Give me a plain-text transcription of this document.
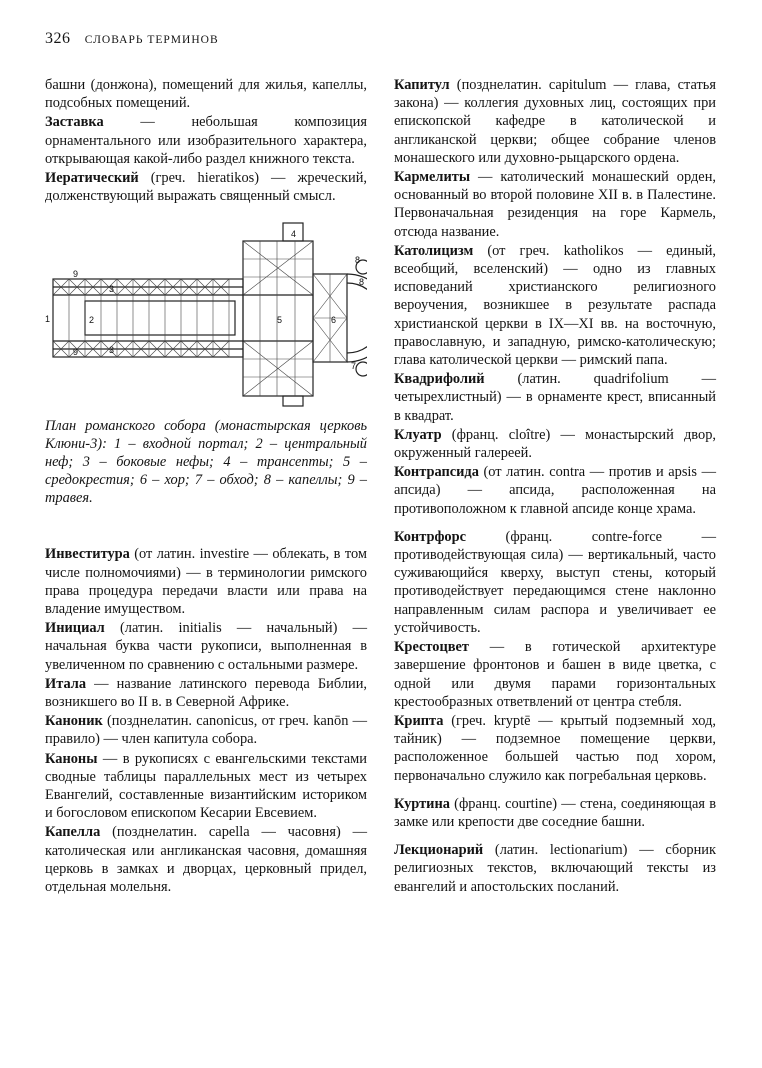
326 СЛОВАРЬ ТЕРМИНОВ
башни (донжона), помещений для жилья, капеллы, подсобных помещений.
Заставка — небольшая композиция орнаментального или изобразительного характера, открывающая какой-либо раздел книжного текста.
Иератический (греч. hieratikos) — жреческий, долженствующий выражать священный смысл.
1	2
3
3
9
9
4
5	6
7
8
8
План романского собора (монастырская церковь Клюни-3): 1 – входной портал; 2 – центральный неф; 3 – боковые нефы; 4 – трансепты; 5 – средокрестия; 6 – хор; 7 – обход; 8 – капеллы; 9 – травея.
Инвеститура (от латин. investire — облекать, в том числе полномочиями) — в терминологии римского права процедура передачи власти или права на владение имуществом.
Инициал (латин. initialis — начальный) — начальная буква части рукописи, выполненная в увеличенном по сравнению с остальными размере.
Итала — название латинского перевода Библии, возникшего во II в. в Северной Африке.
Каноник (позднелатин. canonicus, от греч. kanōn — правило) — член капитула собора.
Каноны — в рукописях с евангельскими текстами сводные таблицы параллельных мест из четырех Евангелий, составленные византийским историком и богословом епископом Кесарии Евсевием.
Капелла (позднелатин. capella — часовня) — католическая или англиканская часовня, домашняя церковь в замках и дворцах, церковный придел, отдельная молельня.
Капитул (позднелатин. capitulum — глава, статья закона) — коллегия духовных лиц, состоящих при епископской кафедре в католической и англиканской церкви; общее собрание членов монашеского или духовно-рыцарского ордена.
Кармелиты — католический монашеский орден, основанный во второй половине XII в. в Палестине. Первоначальная резиденция на горе Кармель, отсюда название.
Католицизм (от греч. katholikos — единый, всеобщий, вселенский) — одно из главных исповеданий христианского религиозного вероучения, возникшее в результате распада христианской церкви в IX—XI вв. на восточную, православную, и западную, римско-католическую; глава католической церкви — римский папа.
Квадрифолий (латин. quadrifolium — четырехлистный) — в орнаменте крест, вписанный в квадрат.
Клуатр (франц. cloître) — монастырский двор, окруженный галереей.
Контрапсида (от латин. contra — против и apsis — апсида) — апсида, расположенная на противоположном к главной апсиде конце храма.
Контрфорс (франц. contre-force — противодействующая сила) — вертикальный, часто суживающийся кверху, выступ стены, который противодействует передающимся стене наклонно направленным силам распора и увеличивает ее устойчивость.
Крестоцвет — в готической архитектуре завершение фронтонов и башен в виде цветка, с одной или двумя парами горизонтальных крестообразных ответвлений от центра стебля.
Крипта (греч. kryptē — крытый подземный ход, тайник) — подземное помещение церкви, расположенное большей частью под хором, первоначально служило как погребальная церковь.
Куртина (франц. courtine) — стена, соединяющая в замке или крепости две соседние башни.
Лекционарий (латин. lectionarium) — сборник религиозных текстов, включающий тексты из евангелий и апостольских посланий.
